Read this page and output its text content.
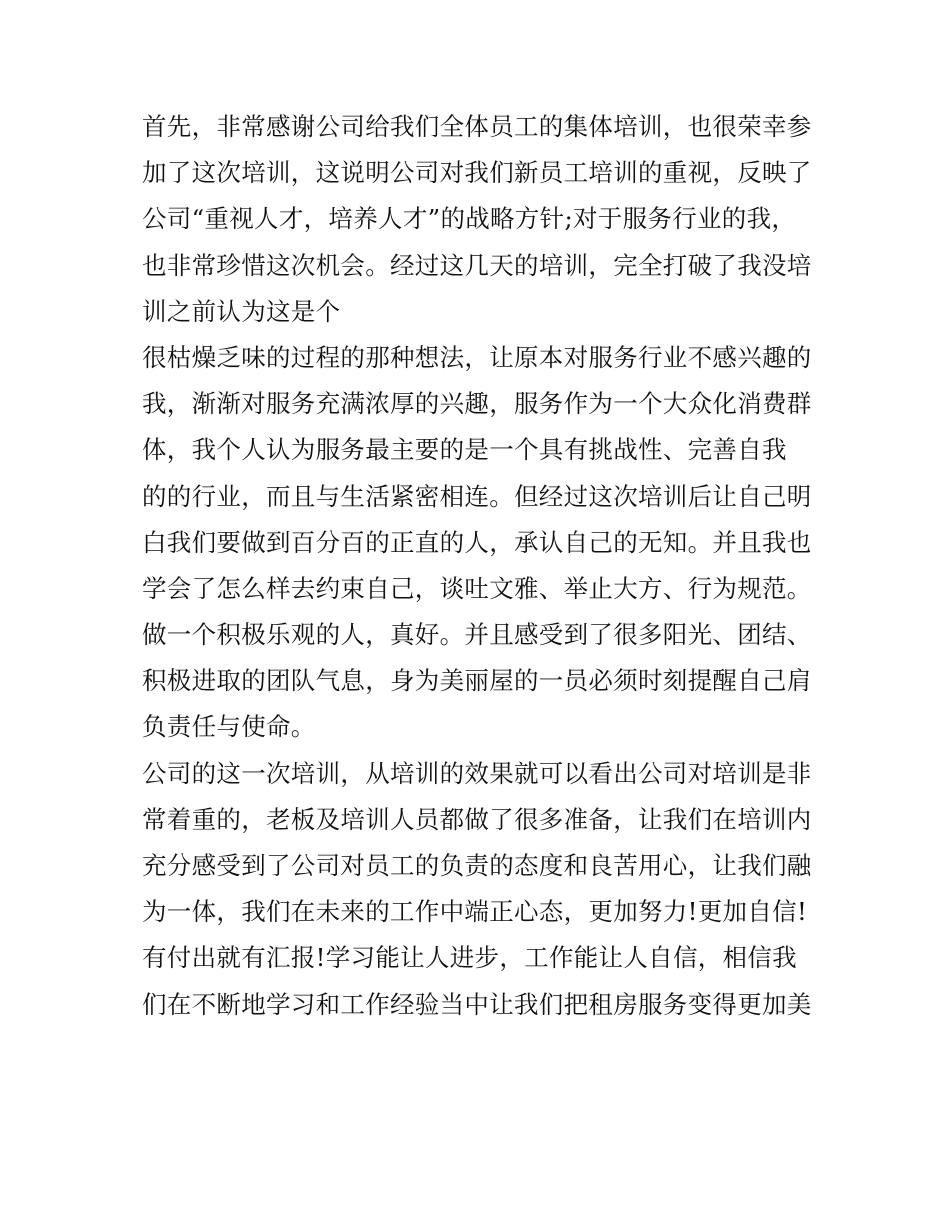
首先，非常感谢公司给我们全体员工的集体培训，也很荣幸参
加了这次培训，这说明公司对我们新员工培训的重视，反映了
公司“重视人才，培养人才”的战略方针;对于服务行业的我，
也非常珍惜这次机会。经过这几天的培训，完全打破了我没培
训之前认为这是个
很枯燥乏味的过程的那种想法，让原本对服务行业不感兴趣的
我，渐渐对服务充满浓厚的兴趣，服务作为一个大众化消费群
体，我个人认为服务最主要的是一个具有挑战性、完善自我
的的行业，而且与生活紧密相连。但经过这次培训后让自己明
白我们要做到百分百的正直的人，承认自己的无知。并且我也
学会了怎么样去约束自己，谈吐文雅、举止大方、行为规范。
做一个积极乐观的人，真好。并且感受到了很多阳光、团结、
积极进取的团队气息，身为美丽屋的一员必须时刻提醒自己肩
负责任与使命。
公司的这一次培训，从培训的效果就可以看出公司对培训是非
常着重的，老板及培训人员都做了很多准备，让我们在培训内
充分感受到了公司对员工的负责的态度和良苦用心，让我们融
为一体，我们在未来的工作中端正心态，更加努力!更加自信!
有付出就有汇报!学习能让人进步，工作能让人自信，相信我
们在不断地学习和工作经验当中让我们把租房服务变得更加美
